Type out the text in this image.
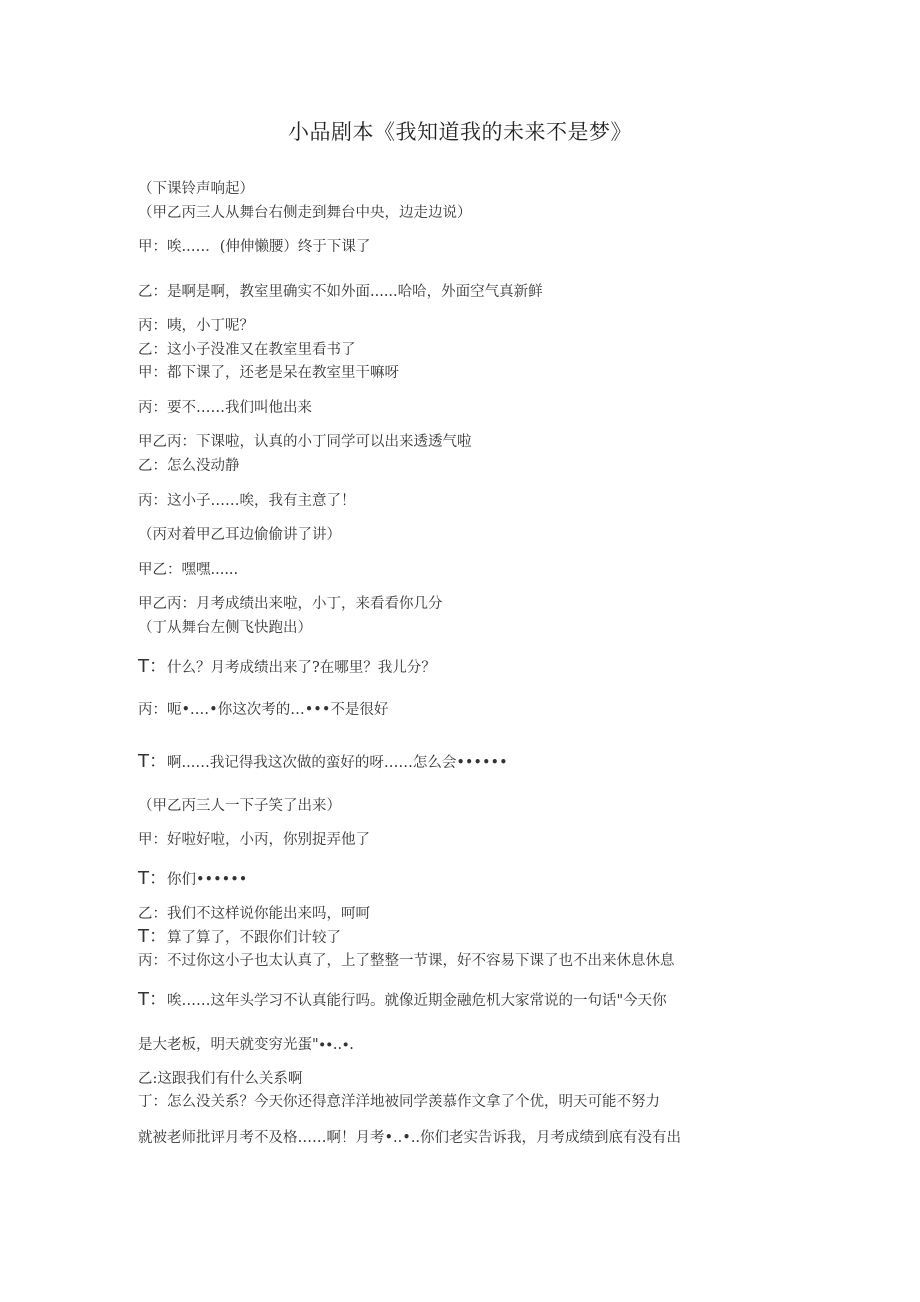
小品剧本《我知道我的未来不是梦》
（下课铃声响起）
（甲乙丙三人从舞台右侧走到舞台中央，边走边说）
甲：唉..…．(伸伸懒腰）终于下课了
乙：是啊是啊，教室里确实不如外面......哈哈，外面空气真新鲜
丙：咦，小丁呢？
乙：这小子没准又在教室里看书了
甲：都下课了，还老是呆在教室里干嘛呀
丙：要不……我们叫他出来
甲乙丙：下课啦，认真的小丁同学可以出来透透气啦
乙：怎么没动静
丙：这小子……唉，我有主意了！
（丙对着甲乙耳边偷偷讲了讲）
甲乙：嘿嘿......
甲乙丙：月考成绩出来啦，小丁，来看看你几分
（丁从舞台左侧飞快跑出）
T：什么？月考成绩出来了?在哪里？我儿分？
丙：呃•.…•你这次考的…•••不是很好
T：啊...…我记得我这次做的蛮好的呀……怎么会••••••
（甲乙丙三人一下子笑了出来）
甲：好啦好啦，小丙，你别捉弄他了
T：你们••••••
乙：我们不这样说你能出来吗，呵呵
T：算了算了，不跟你们计较了
丙：不过你这小子也太认真了，上了整整一节课，好不容易下课了也不出来休息休息
T：唉……这年头学习不认真能行吗。就像近期金融危机大家常说的一句话"今天你
是大老板，明天就变穷光蛋"∙∙..∙.
乙:这跟我们有什么关系啊
丁：怎么没关系？今天你还得意洋洋地被同学羡慕作文拿了个优，明天可能不努力
就被老师批评月考不及格……啊！月考•..•..你们老实告诉我，月考成绩到底有没有出
